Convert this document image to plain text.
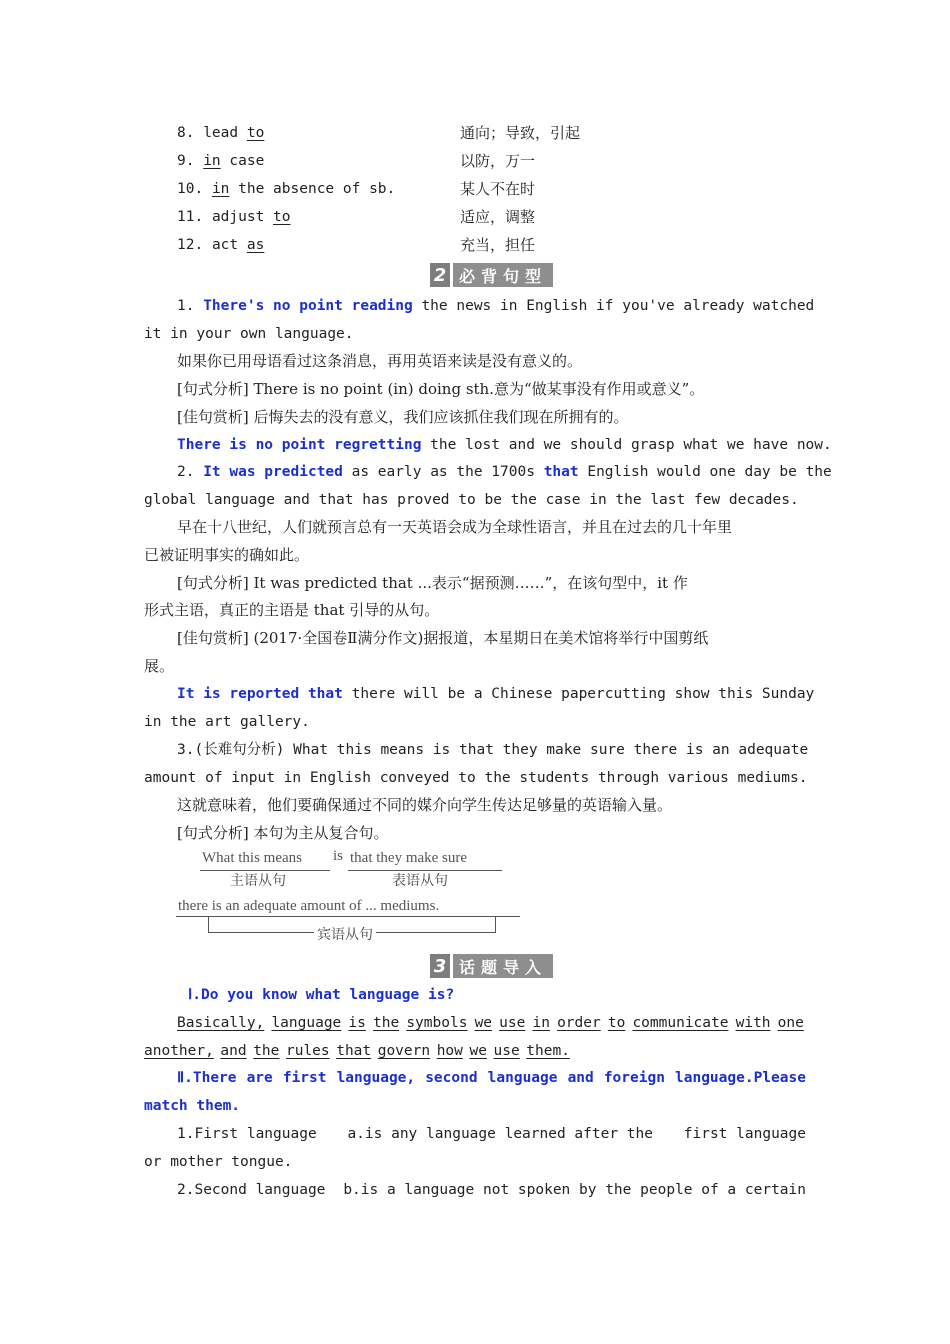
8. lead to	通向；导致，引起
9. in case	以防，万一
10. in the absence of sb.	某人不在时
11. adjust to	适应，调整
12. act as	充当，担任
2 必背句型
1. There's no point reading the news in English if you've already watched
it in your own language.
如果你已用母语看过这条消息，再用英语来读是没有意义的。
[句式分析] There is no point (in) doing sth.意为“做某事没有作用或意义”。
[佳句赏析] 后悔失去的没有意义，我们应该抓住我们现在所拥有的。
There is no point regretting the lost and we should grasp what we have now.
2. It was predicted as early as the 1700s that English would one day be the
global language and that has proved to be the case in the last few decades.
早在十八世纪，人们就预言总有一天英语会成为全球性语言，并且在过去的几十年里
已被证明事实的确如此。
[句式分析] It was predicted that ...表示“据预测……”，在该句型中，it 作
形式主语，真正的主语是 that 引导的从句。
[佳句赏析] (2017·全国卷Ⅱ满分作文)据报道，本星期日在美术馆将举行中国剪纸
展。
It is reported that there will be a Chinese papercutting show this Sunday
in the art gallery.
3.(长难句分析) What this means is that they make sure there is an adequate
amount of input in English conveyed to the students through various mediums.
这就意味着，他们要确保通过不同的媒介向学生传达足够量的英语输入量。
[句式分析] 本句为主从复合句。
What this means
主语从句
is that they make sure
表语从句
there is an adequate amount of ... mediums.
宾语从句
3 话题导入
Ⅰ.Do you know what language is?
Basically, language is the symbols we use in order to communicate with one
another, and the rules that govern how we use them.
Ⅱ.There are first language, second language and foreign language.Please
match them.
1.First language a.is any language learned after the first language
or mother tongue.
2.Second language b.is a language not spoken by the people of a certain
